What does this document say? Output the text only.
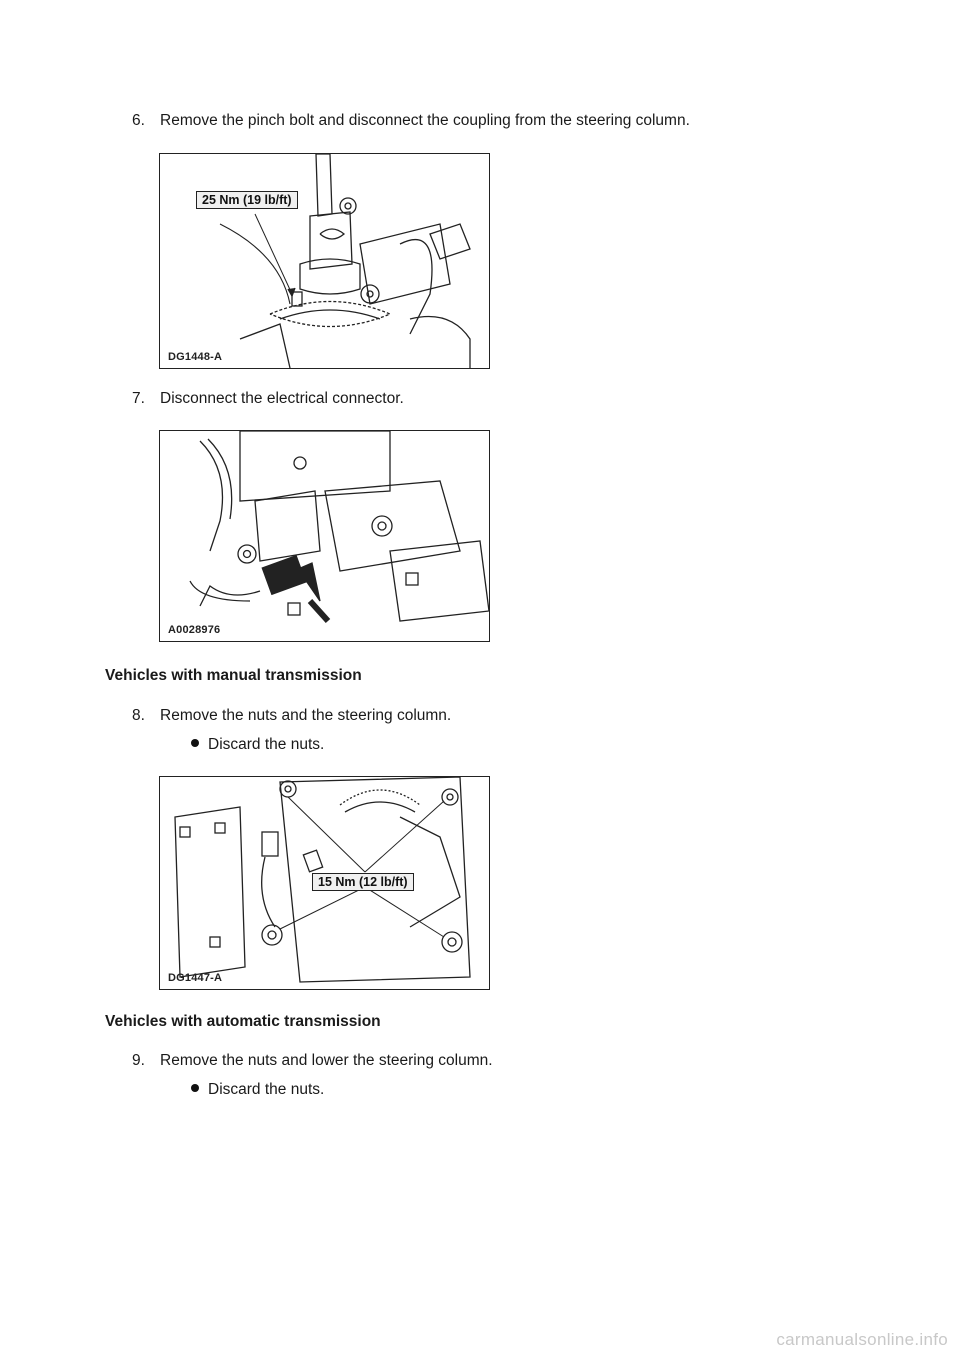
6. Remove the pinch bolt and disconnect the coupling from the steering column.
25 Nm (19 lb/ft)
DG1448-A
7. Disconnect the electrical connector.
A0028976
Vehicles with manual transmission
8. Remove the nuts and the steering column.
Discard the nuts.
15 Nm (12 lb/ft)
DG1447-A
Vehicles with automatic transmission
9. Remove the nuts and lower the steering column.
Discard the nuts.
carmanualsonline.info
